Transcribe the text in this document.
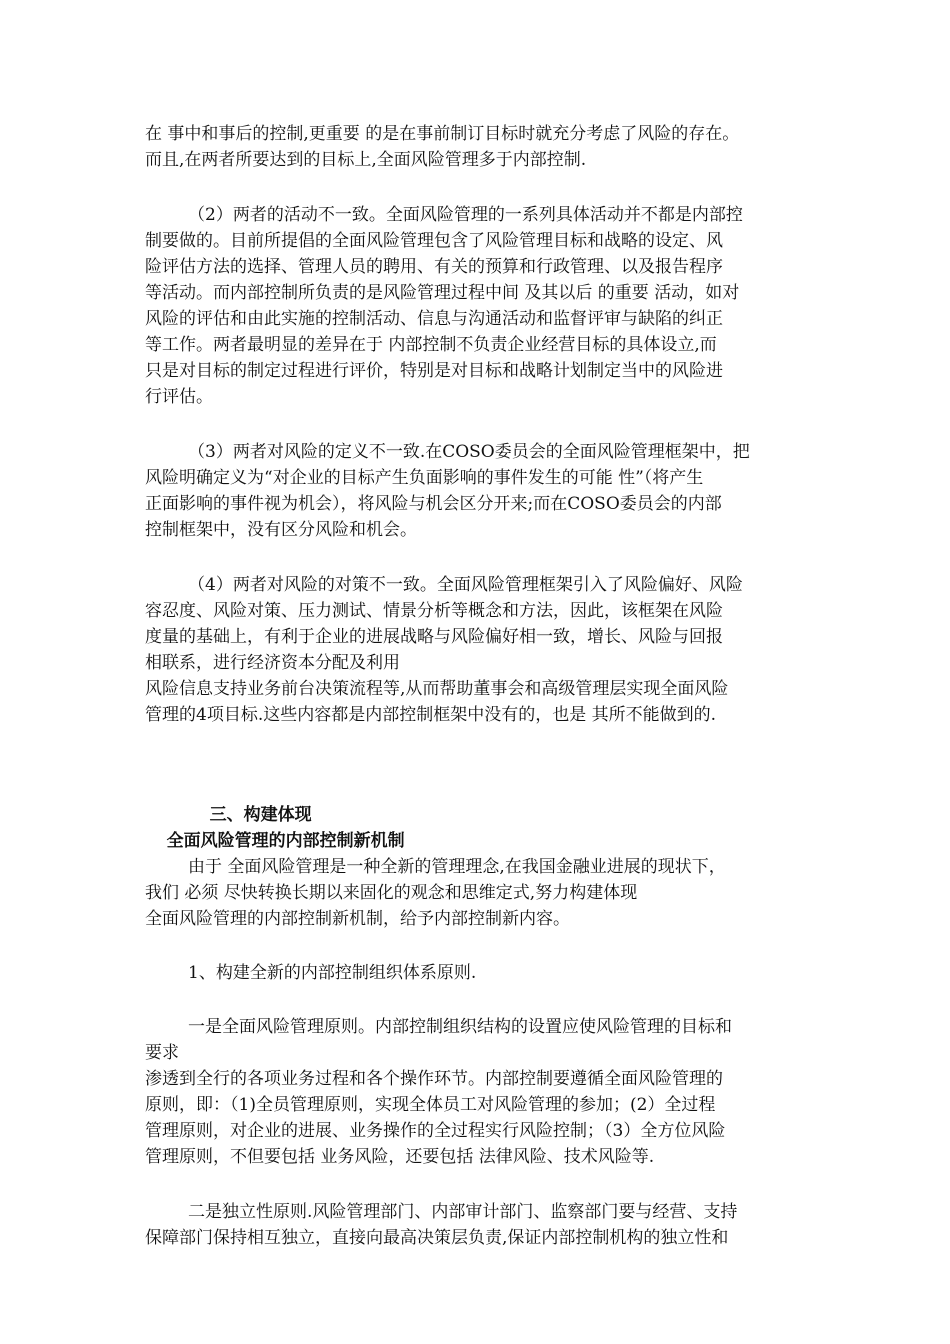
在 事中和事后的控制,更重要 的是在事前制订目标时就充分考虑了风险的存在。
而且,在两者所要达到的目标上,全面风险管理多于内部控制.
（2）两者的活动不一致。全面风险管理的一系列具体活动并不都是内部控
制要做的。目前所提倡的全面风险管理包含了风险管理目标和战略的设定、风
险评估方法的选择、管理人员的聘用、有关的预算和行政管理、以及报告程序
等活动。而内部控制所负责的是风险管理过程中间 及其以后 的重要 活动，如对
风险的评估和由此实施的控制活动、信息与沟通活动和监督评审与缺陷的纠正
等工作。两者最明显的差异在于 内部控制不负责企业经营目标的具体设立,而
只是对目标的制定过程进行评价，特别是对目标和战略计划制定当中的风险进
行评估。
（3）两者对风险的定义不一致.在COSO委员会的全面风险管理框架中，把
风险明确定义为“对企业的目标产生负面影响的事件发生的可能 性”（将产生
正面影响的事件视为机会），将风险与机会区分开来;而在COSO委员会的内部
控制框架中，没有区分风险和机会。
（4）两者对风险的对策不一致。全面风险管理框架引入了风险偏好、风险
容忍度、风险对策、压力测试、情景分析等概念和方法，因此，该框架在风险
度量的基础上，有利于企业的进展战略与风险偏好相一致，增长、风险与回报
相联系，进行经济资本分配及利用
风险信息支持业务前台决策流程等,从而帮助董事会和高级管理层实现全面风险
管理的4项目标.这些内容都是内部控制框架中没有的，也是 其所不能做到的.

三、构建体现

全面风险管理的内部控制新机制

由于 全面风险管理是一种全新的管理理念,在我国金融业进展的现状下，
我们 必须 尽快转换长期以来固化的观念和思维定式,努力构建体现
全面风险管理的内部控制新机制，给予内部控制新内容。
1、构建全新的内部控制组织体系原则.
一是全面风险管理原则。内部控制组织结构的设置应使风险管理的目标和
要求
渗透到全行的各项业务过程和各个操作环节。内部控制要遵循全面风险管理的
原则，即：（1)全员管理原则，实现全体员工对风险管理的参加；(2）全过程
管理原则，对企业的进展、业务操作的全过程实行风险控制；（3）全方位风险
管理原则，不但要包括 业务风险，还要包括 法律风险、技术风险等.
二是独立性原则.风险管理部门、内部审计部门、监察部门要与经营、支持
保障部门保持相互独立，直接向最高决策层负责,保证内部控制机构的独立性和
